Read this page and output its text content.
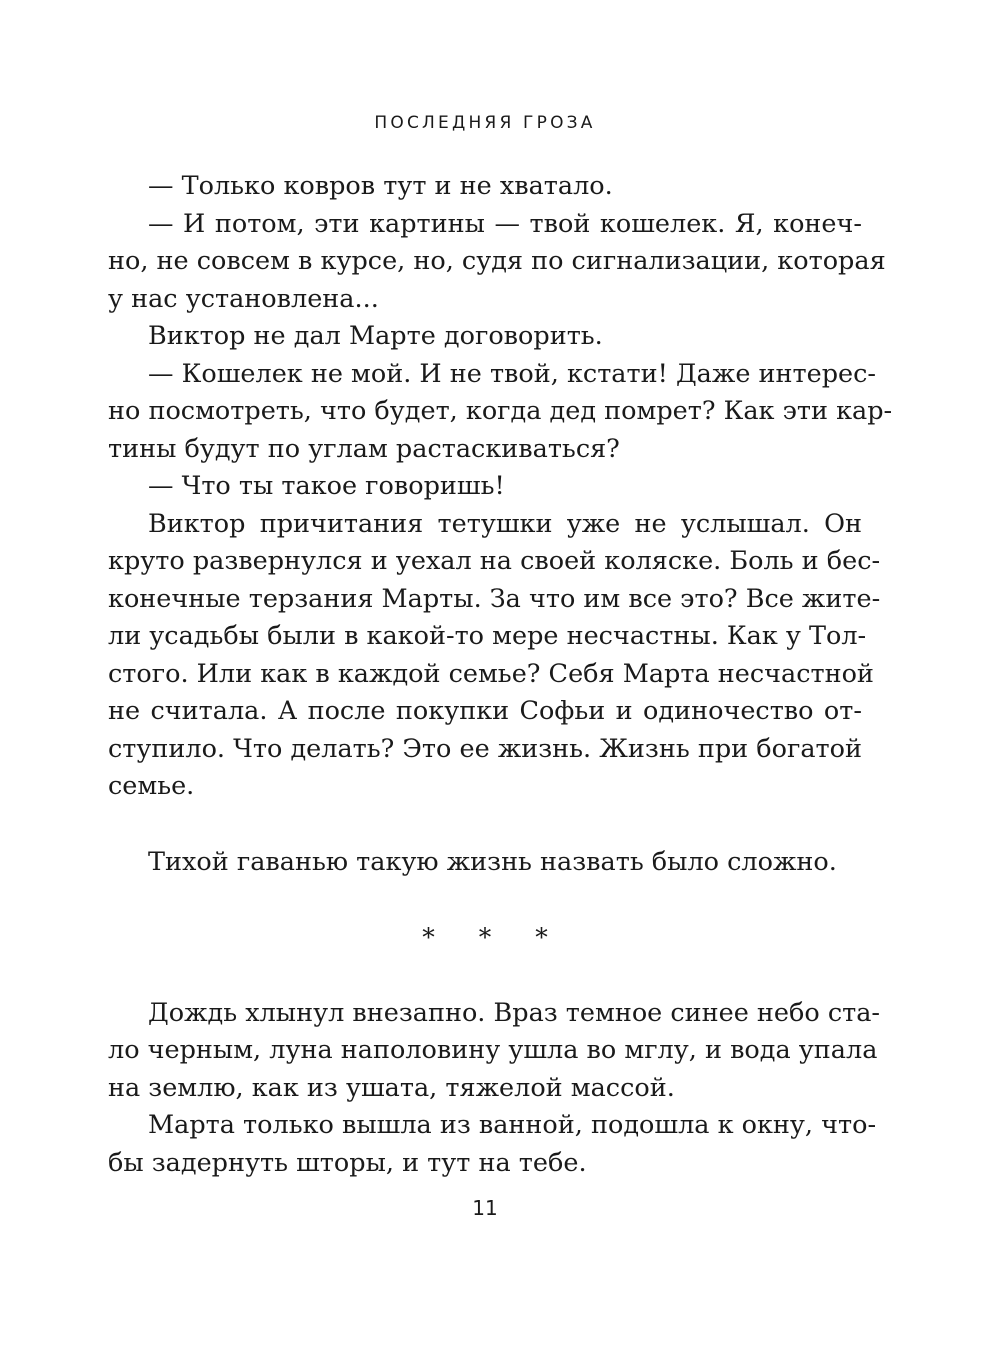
ПОСЛЕДНЯЯ ГРОЗА
— Только ковров тут и не хватало.
— И потом, эти картины — твой кошелек. Я, конеч-
но, не совсем в курсе, но, судя по сигнализации, которая
у нас установлена...
Виктор не дал Марте договорить.
— Кошелек не мой. И не твой, кстати! Даже интерес-
но посмотреть, что будет, когда дед помрет? Как эти кар-
тины будут по углам растаскиваться?
— Что ты такое говоришь!
Виктор причитания тетушки уже не услышал. Он
круто развернулся и уехал на своей коляске. Боль и бес-
конечные терзания Марты. За что им все это? Все жите-
ли усадьбы были в какой-то мере несчастны. Как у Тол-
стого. Или как в каждой семье? Себя Марта несчастной
не считала. А после покупки Софьи и одиночество от-
ступило. Что делать? Это ее жизнь. Жизнь при богатой
семье.
Тихой гаванью такую жизнь назвать было сложно.
* * *
Дождь хлынул внезапно. Враз темное синее небо ста-
ло черным, луна наполовину ушла во мглу, и вода упала
на землю, как из ушата, тяжелой массой.
Марта только вышла из ванной, подошла к окну, что-
бы задернуть шторы, и тут на тебе.
11
